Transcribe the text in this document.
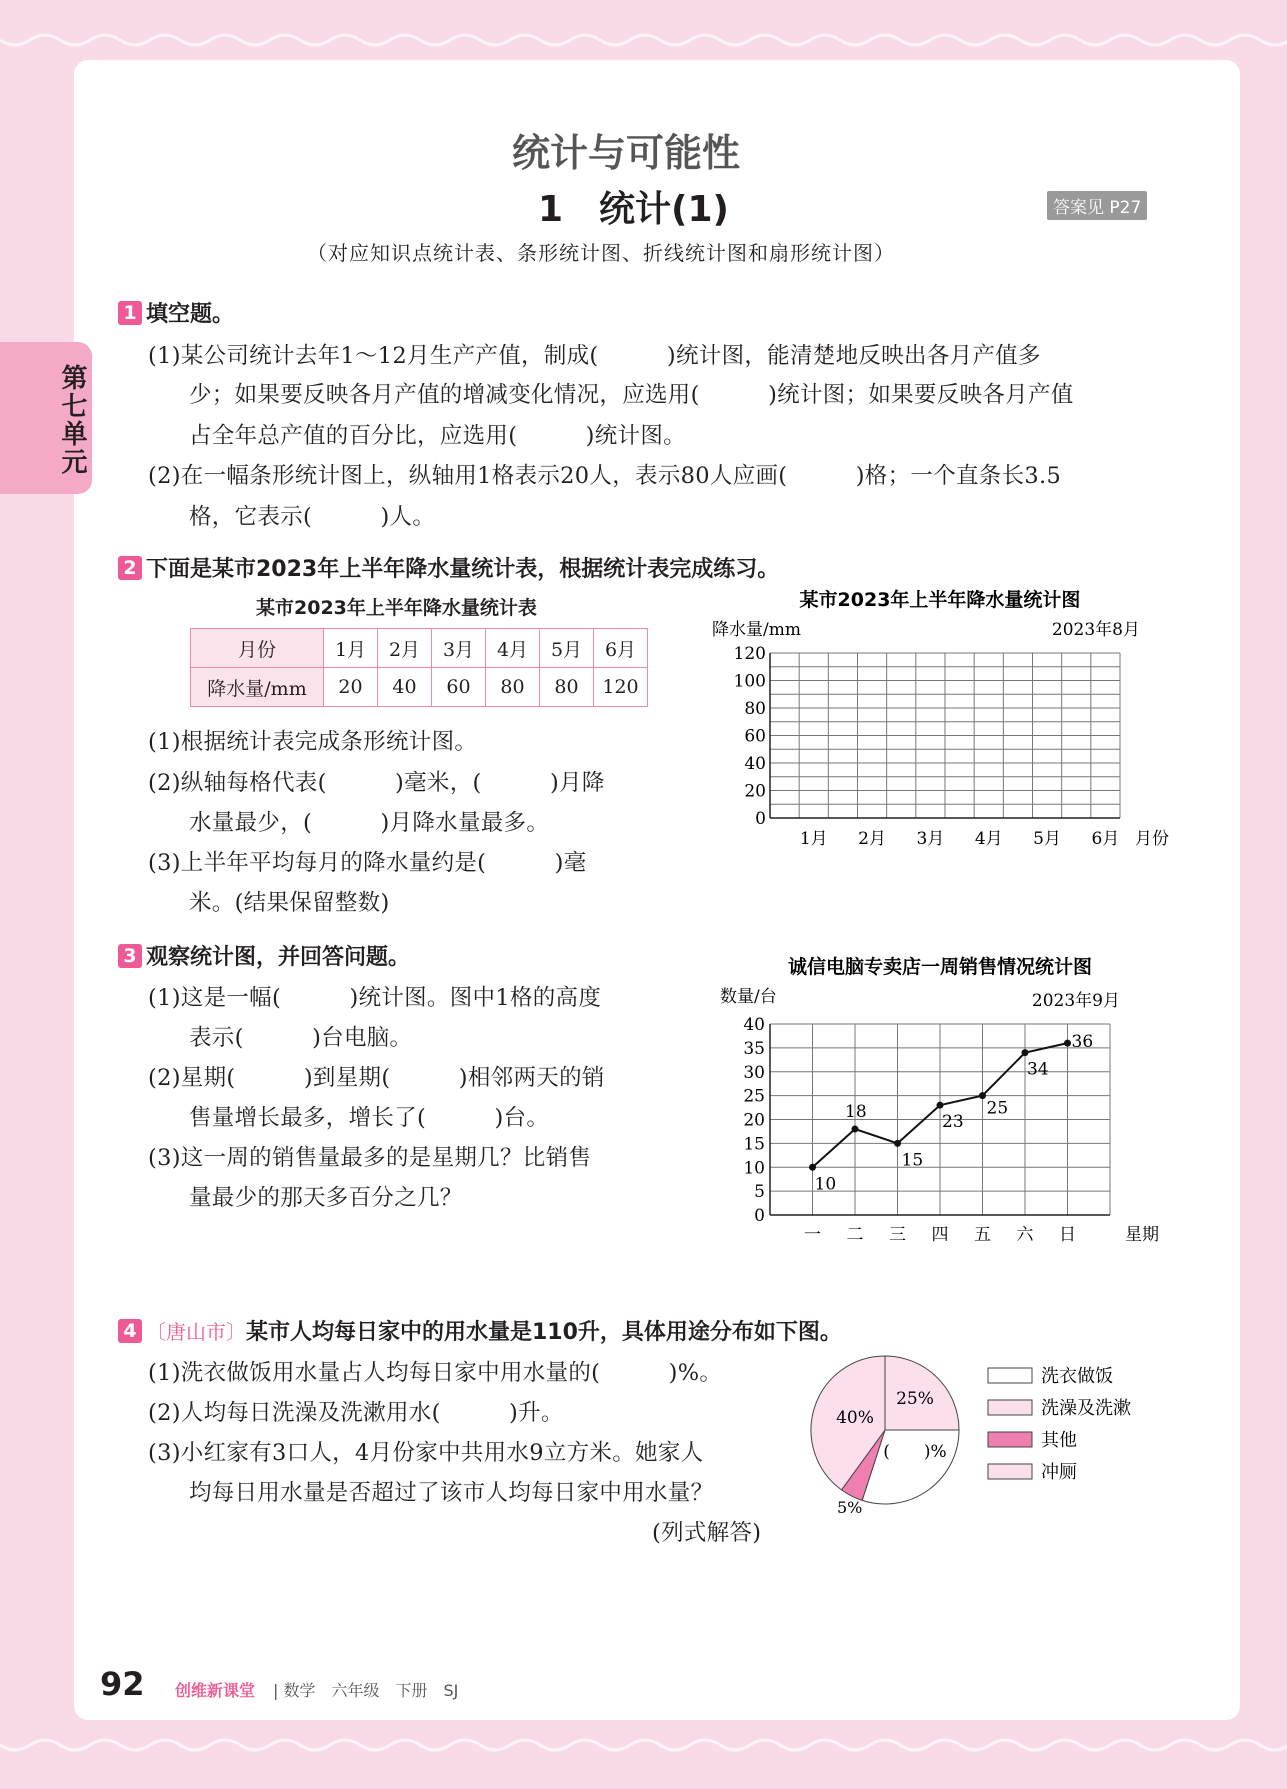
第七单元
统计与可能性
1　统计(1)	答案见 P27
（对应知识点统计表、条形统计图、折线统计图和扇形统计图）
1 填空题。
(1)某公司统计去年1～12月生产产值，制成(　　　)统计图，能清楚地反映出各月产值多
少；如果要反映各月产值的增减变化情况，应选用(　　　)统计图；如果要反映各月产值
占全年总产值的百分比，应选用(　　　)统计图。
(2)在一幅条形统计图上，纵轴用1格表示20人，表示80人应画(　　　)格；一个直条长3.5
格，它表示(　　　)人。
2 下面是某市2023年上半年降水量统计表，根据统计表完成练习。
某市2023年上半年降水量统计表
月份	1月	2月	3月	4月	5月	6月
降水量/mm	20	40	60	80	80	120
(1)根据统计表完成条形统计图。
(2)纵轴每格代表(　　　)毫米，(　　　)月降
水量最少，(　　　)月降水量最多。
(3)上半年平均每月的降水量约是(　　　)毫
米。(结果保留整数)
某市2023年上半年降水量统计图
降水量/mm	2023年8月
0
20
40
60
80
100
120
1月 2月 3月 4月 5月 6月 月份
3 观察统计图，并回答问题。
(1)这是一幅(　　　)统计图。图中1格的高度
表示(　　　)台电脑。
(2)星期(　　　)到星期(　　　)相邻两天的销
售量增长最多，增长了(　　　)台。
(3)这一周的销售量最多的是星期几？比销售
量最少的那天多百分之几？
诚信电脑专卖店一周销售情况统计图
数量/台	2023年9月
0
5
10
15
20
25
30
35
40
10
18
15
23
25
34
36
一 二 三 四 五 六 日	星期
4 〔唐山市〕某市人均每日家中的用水量是110升，具体用途分布如下图。
(1)洗衣做饭用水量占人均每日家中用水量的(　　　)%。
(2)人均每日洗澡及洗漱用水(　　　)升。
(3)小红家有3口人，4月份家中共用水9立方米。她家人
均每日用水量是否超过了该市人均每日家中用水量？
(列式解答)
25%
(　　)%
5%
40%
洗衣做饭
洗澡及洗漱
其他
冲厕
92 创维新课堂 | 数学　六年级　下册　SJ
